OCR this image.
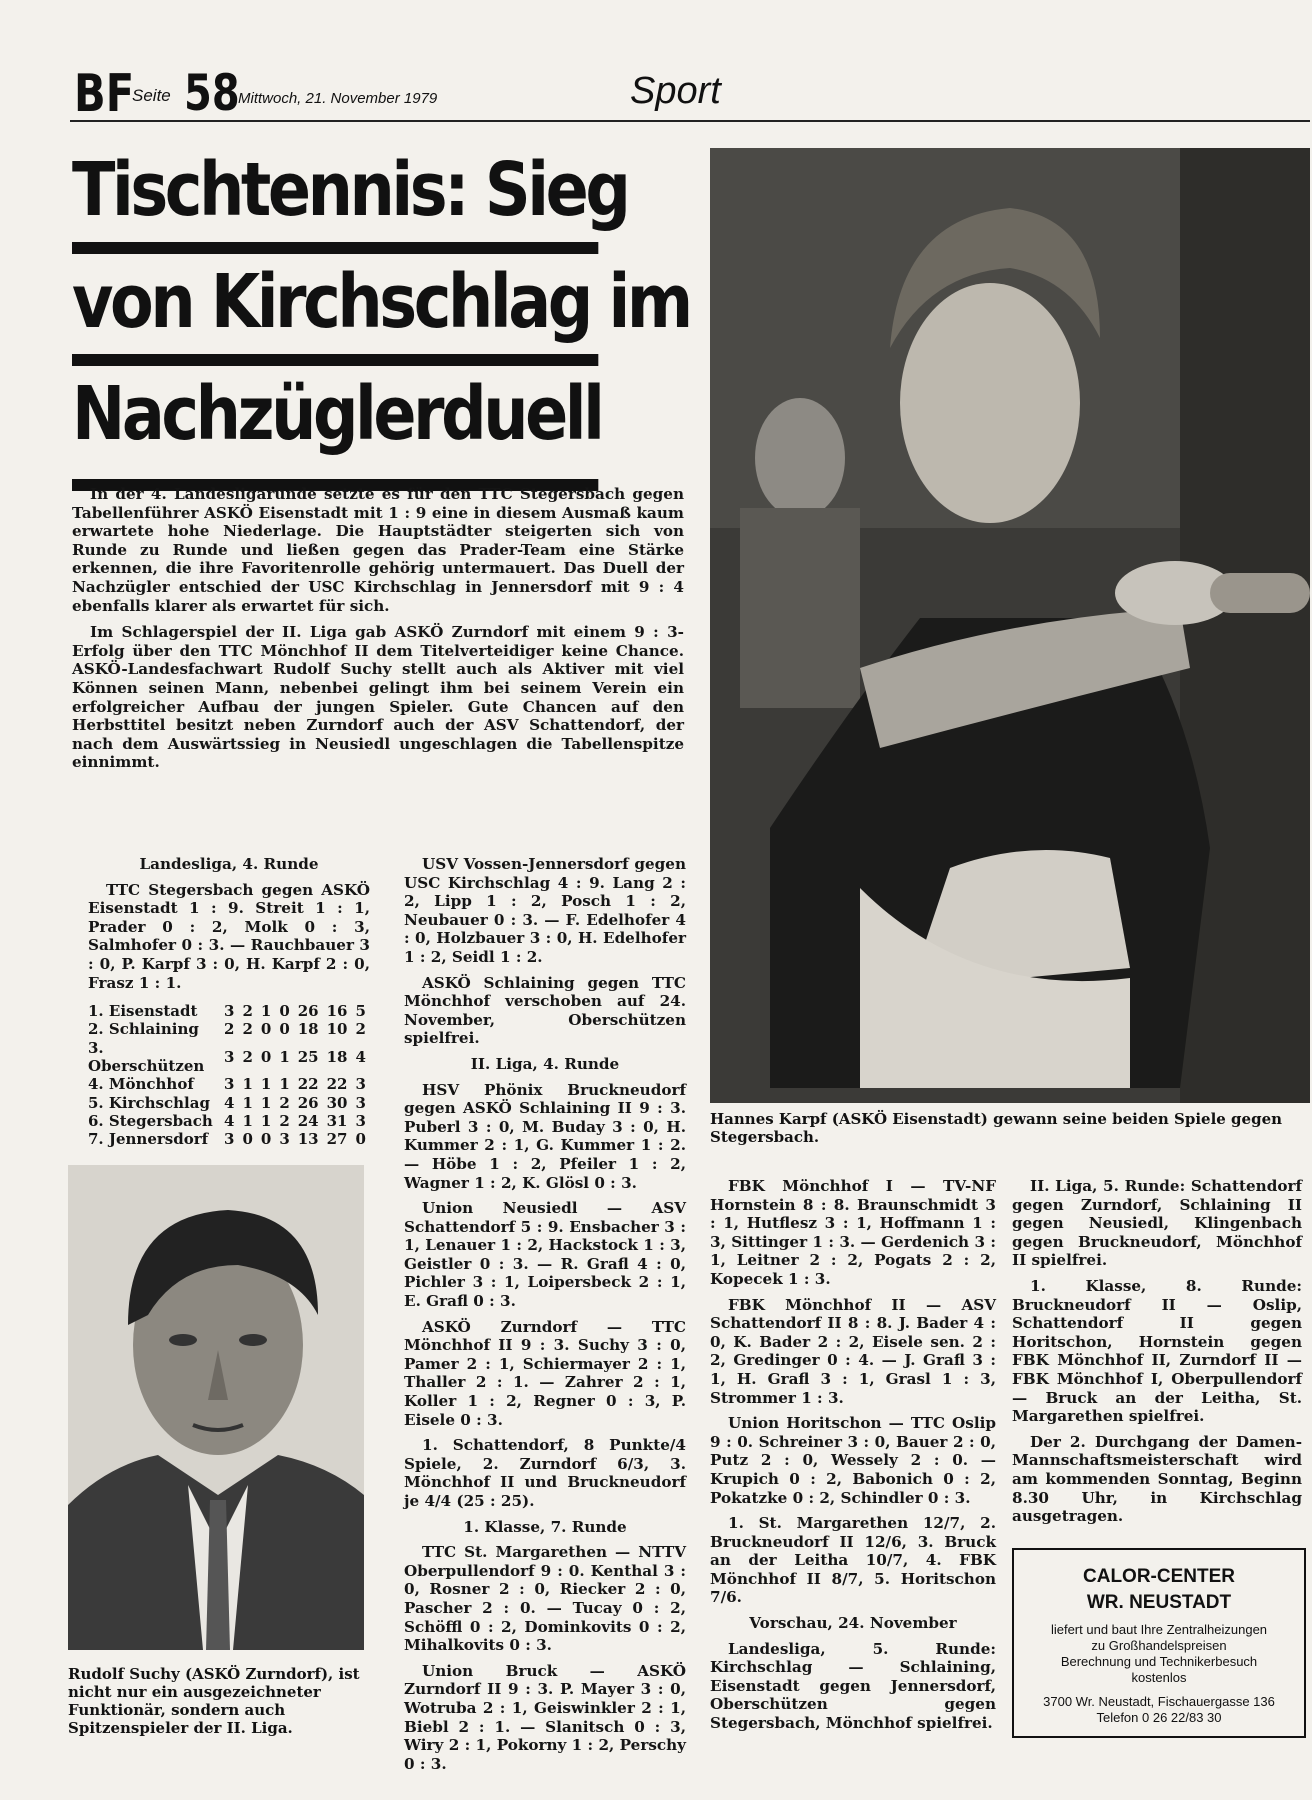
BF
Seite 58
Mittwoch, 21. November 1979	Sport
Tischtennis: Sieg
von Kirchschlag im
Nachzüglerduell

In der 4. Landesligarunde setzte es für den TTC Stegersbach gegen Tabellenführer ASKÖ Eisenstadt mit 1 : 9 eine in diesem Ausmaß kaum erwartete hohe Niederlage. Die Hauptstädter steigerten sich von Runde zu Runde und ließen gegen das Prader-Team eine Stärke erkennen, die ihre Favoritenrolle gehörig untermauert. Das Duell der Nachzügler entschied der USC Kirchschlag in Jennersdorf mit 9 : 4 ebenfalls klarer als erwartet für sich.

Im Schlagerspiel der II. Liga gab ASKÖ Zurndorf mit einem 9 : 3-Erfolg über den TTC Mönchhof II dem Titelverteidiger keine Chance. ASKÖ-Landesfachwart Rudolf Suchy stellt auch als Aktiver mit viel Können seinen Mann, nebenbei gelingt ihm bei seinem Verein ein erfolgreicher Aufbau der jungen Spieler. Gute Chancen auf den Herbsttitel besitzt neben Zurndorf auch der ASV Schattendorf, der nach dem Auswärtssieg in Neusiedl ungeschlagen die Tabellenspitze einnimmt.

Landesliga, 4. Runde

TTC Stegersbach gegen ASKÖ Eisenstadt 1 : 9. Streit 1 : 1, Prader 0 : 2, Molk 0 : 3, Salmhofer 0 : 3. — Rauchbauer 3 : 0, P. Karpf 3 : 0, H. Karpf 2 : 0, Frasz 1 : 1.

1. Eisenstadt	3	2	1	0	26	16	5
2. Schlaining	2	2	0	0	18	10	2
3. Oberschützen	3	2	0	1	25	18	4
4. Mönchhof	3	1	1	1	22	22	3
5. Kirchschlag	4	1	1	2	26	30	3
6. Stegersbach	4	1	1	2	24	31	3
7. Jennersdorf	3	0	0	3	13	27	0
Rudolf Suchy (ASKÖ Zurndorf), ist nicht nur ein ausgezeichneter Funktionär, sondern auch Spitzenspieler der II. Liga.

USV Vossen-Jennersdorf gegen USC Kirchschlag 4 : 9. Lang 2 : 2, Lipp 1 : 2, Posch 1 : 2, Neubauer 0 : 3. — F. Edelhofer 4 : 0, Holzbauer 3 : 0, H. Edelhofer 1 : 2, Seidl 1 : 2.

ASKÖ Schlaining gegen TTC Mönchhof verschoben auf 24. November, Oberschützen spielfrei.

II. Liga, 4. Runde

HSV Phönix Bruckneudorf gegen ASKÖ Schlaining II 9 : 3. Puberl 3 : 0, M. Buday 3 : 0, H. Kummer 2 : 1, G. Kummer 1 : 2. — Höbe 1 : 2, Pfeiler 1 : 2, Wagner 1 : 2, K. Glösl 0 : 3.

Union Neusiedl — ASV Schattendorf 5 : 9. Ensbacher 3 : 1, Lenauer 1 : 2, Hackstock 1 : 3, Geistler 0 : 3. — R. Grafl 4 : 0, Pichler 3 : 1, Loipersbeck 2 : 1, E. Grafl 0 : 3.

ASKÖ Zurndorf — TTC Mönchhof II 9 : 3. Suchy 3 : 0, Pamer 2 : 1, Schiermayer 2 : 1, Thaller 2 : 1. — Zahrer 2 : 1, Koller 1 : 2, Regner 0 : 3, P. Eisele 0 : 3.

1. Schattendorf, 8 Punkte/4 Spiele, 2. Zurndorf 6/3, 3. Mönchhof II und Bruckneudorf je 4/4 (25 : 25).

1. Klasse, 7. Runde

TTC St. Margarethen — NTTV Oberpullendorf 9 : 0. Kenthal 3 : 0, Rosner 2 : 0, Riecker 2 : 0, Pascher 2 : 0. — Tucay 0 : 2, Schöffl 0 : 2, Dominkovits 0 : 2, Mihalkovits 0 : 3.

Union Bruck — ASKÖ Zurndorf II 9 : 3. P. Mayer 3 : 0, Wotruba 2 : 1, Geiswinkler 2 : 1, Biebl 2 : 1. — Slanitsch 0 : 3, Wiry 2 : 1, Pokorny 1 : 2, Perschy 0 : 3.

Hannes Karpf (ASKÖ Eisenstadt) gewann seine beiden Spiele gegen Stegersbach.

FBK Mönchhof I — TV-NF Hornstein 8 : 8. Braunschmidt 3 : 1, Hutflesz 3 : 1, Hoffmann 1 : 3, Sittinger 1 : 3. — Gerdenich 3 : 1, Leitner 2 : 2, Pogats 2 : 2, Kopecek 1 : 3.

FBK Mönchhof II — ASV Schattendorf II 8 : 8. J. Bader 4 : 0, K. Bader 2 : 2, Eisele sen. 2 : 2, Gredinger 0 : 4. — J. Grafl 3 : 1, H. Grafl 3 : 1, Grasl 1 : 3, Strommer 1 : 3.

Union Horitschon — TTC Oslip 9 : 0. Schreiner 3 : 0, Bauer 2 : 0, Putz 2 : 0, Wessely 2 : 0. — Krupich 0 : 2, Babonich 0 : 2, Pokatzke 0 : 2, Schindler 0 : 3.

1. St. Margarethen 12/7, 2. Bruckneudorf II 12/6, 3. Bruck an der Leitha 10/7, 4. FBK Mönchhof II 8/7, 5. Horitschon 7/6.

Vorschau, 24. November

Landesliga, 5. Runde: Kirchschlag — Schlaining, Eisenstadt gegen Jennersdorf, Oberschützen gegen Stegersbach, Mönchhof spielfrei.

II. Liga, 5. Runde: Schattendorf gegen Zurndorf, Schlaining II gegen Neusiedl, Klingenbach gegen Bruckneudorf, Mönchhof II spielfrei.

1. Klasse, 8. Runde: Bruckneudorf II — Oslip, Schattendorf II gegen Horitschon, Hornstein gegen FBK Mönchhof II, Zurndorf II — FBK Mönchhof I, Oberpullendorf — Bruck an der Leitha, St. Margarethen spielfrei.

Der 2. Durchgang der Damen-Mannschaftsmeisterschaft wird am kommenden Sonntag, Beginn 8.30 Uhr, in Kirchschlag ausgetragen.

CALOR-CENTER
WR. NEUSTADT
liefert und baut Ihre Zentralheizungen
zu Großhandelspreisen
Berechnung und Technikerbesuch
kostenlos
3700 Wr. Neustadt, Fischauergasse 136
Telefon 0 26 22/83 30
